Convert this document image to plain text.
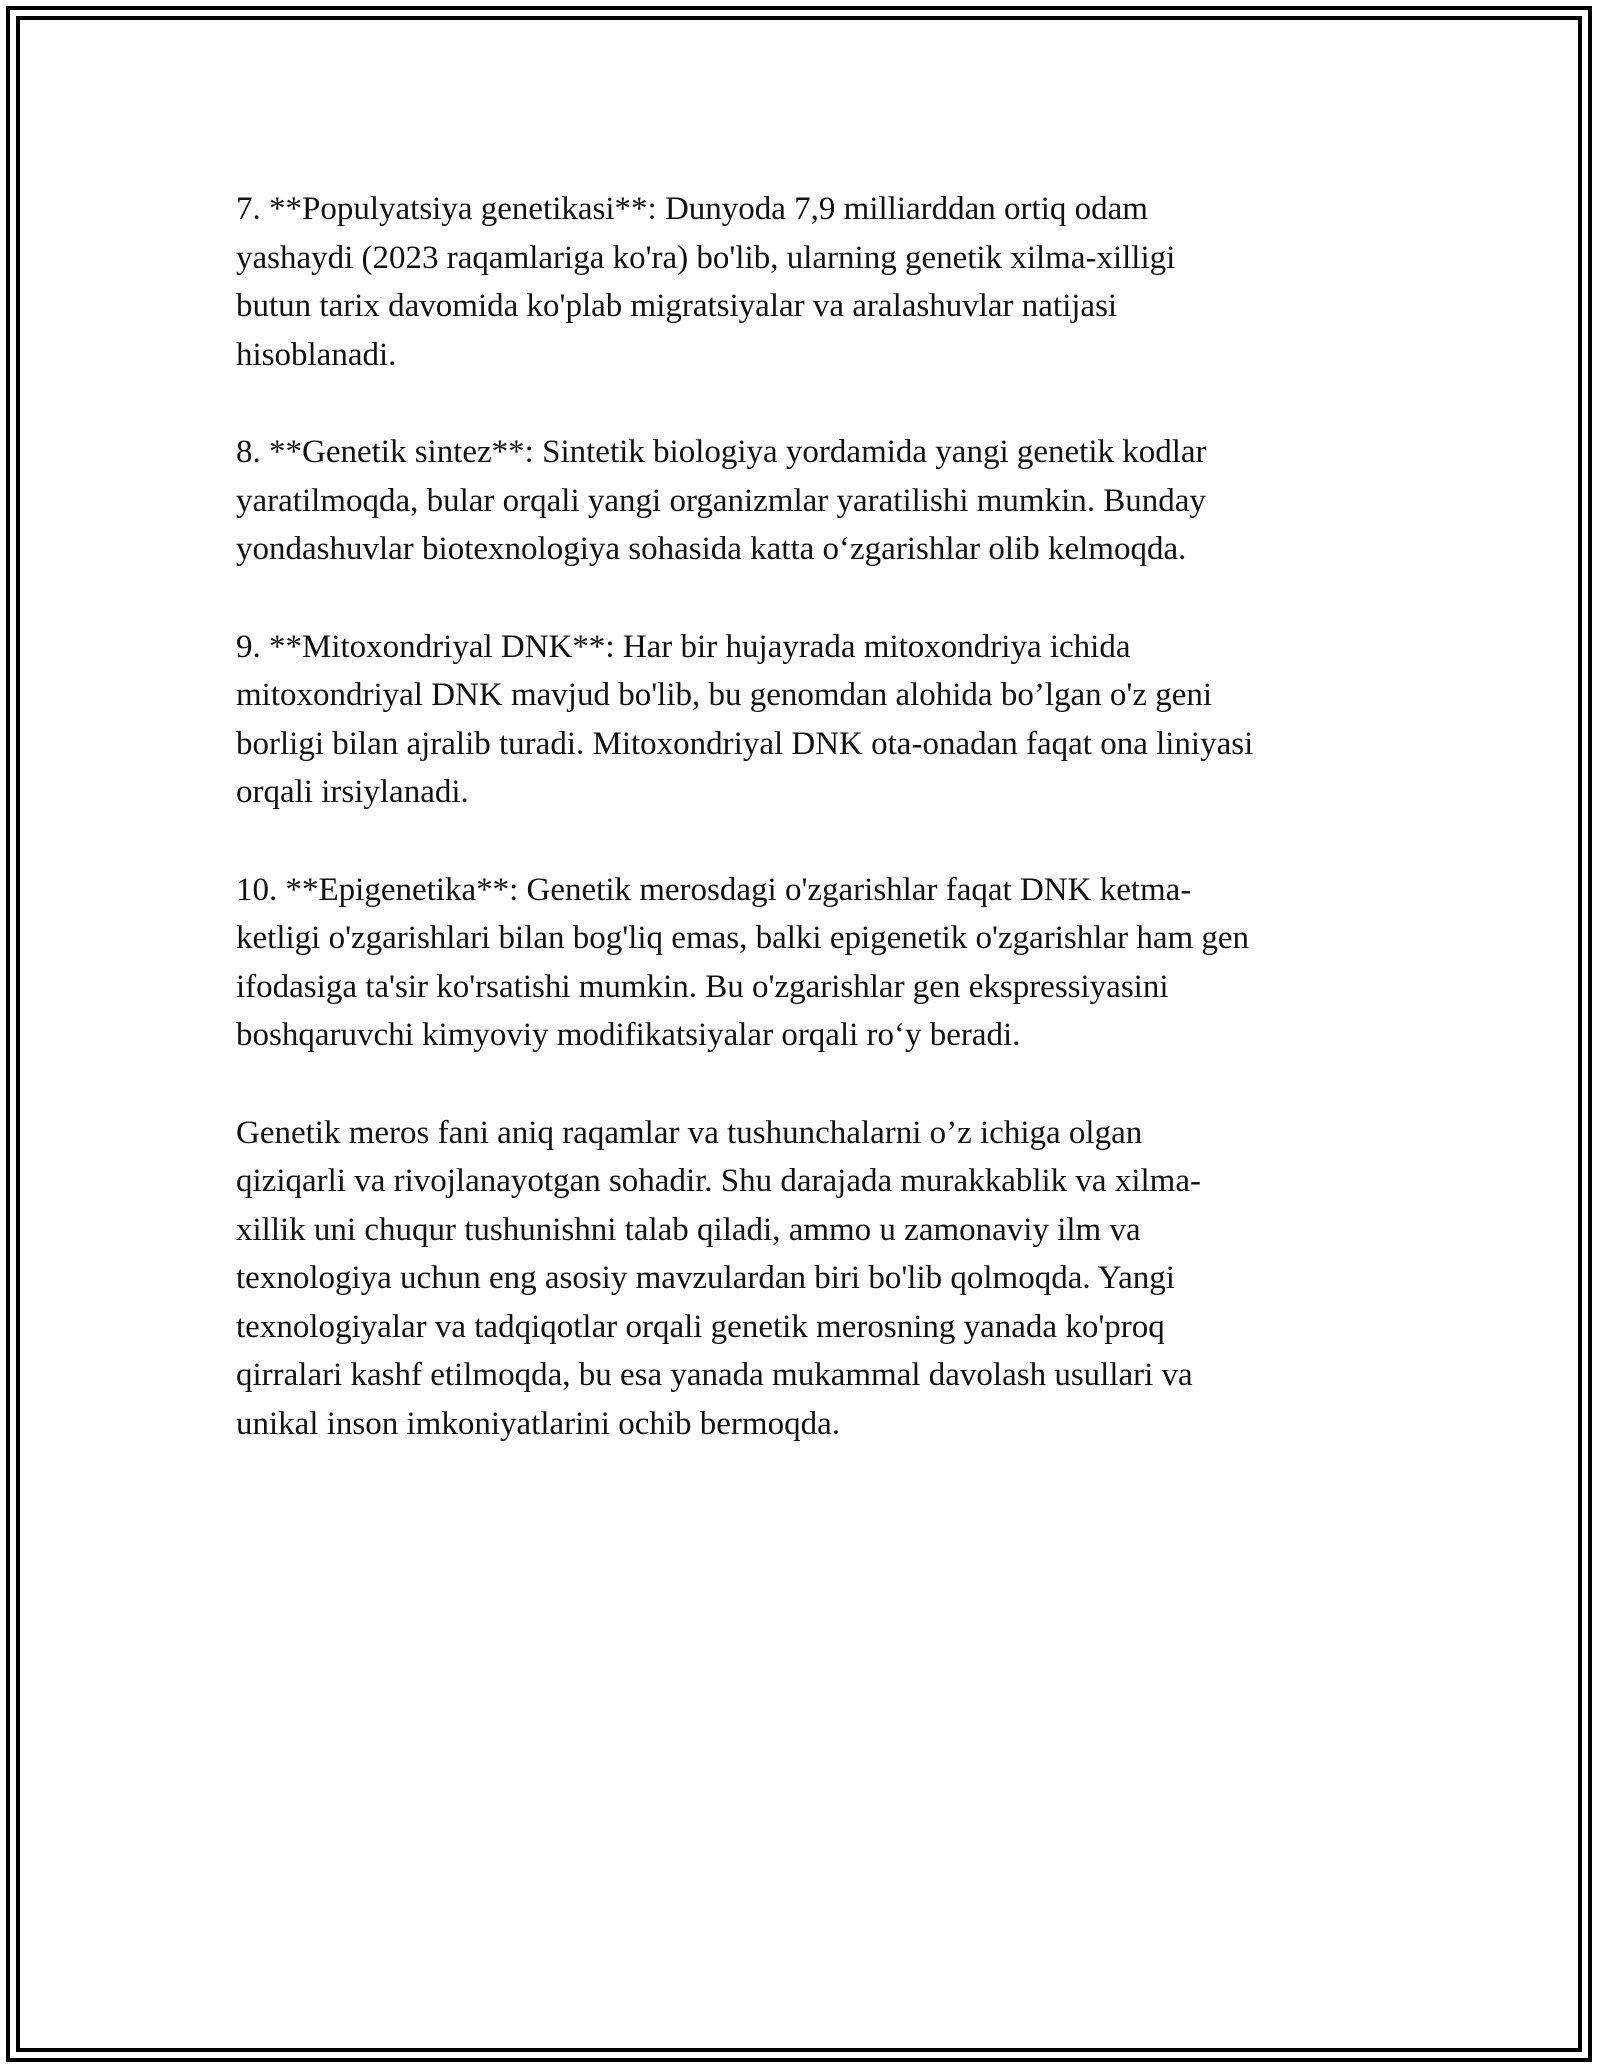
7. **Populyatsiya genetikasi**: Dunyoda 7,9 milliarddan ortiq odam
yashaydi (2023 raqamlariga ko'ra) bo'lib, ularning genetik xilma-xilligi
butun tarix davomida ko'plab migratsiyalar va aralashuvlar natijasi
hisoblanadi.

8. **Genetik sintez**: Sintetik biologiya yordamida yangi genetik kodlar
yaratilmoqda, bular orqali yangi organizmlar yaratilishi mumkin. Bunday
yondashuvlar biotexnologiya sohasida katta o‘zgarishlar olib kelmoqda.

9. **Mitoxondriyal DNK**: Har bir hujayrada mitoxondriya ichida
mitoxondriyal DNK mavjud bo'lib, bu genomdan alohida bo’lgan o'z geni
borligi bilan ajralib turadi. Mitoxondriyal DNK ota-onadan faqat ona liniyasi
orqali irsiylanadi.

10. **Epigenetika**: Genetik merosdagi o'zgarishlar faqat DNK ketma-
ketligi o'zgarishlari bilan bog'liq emas, balki epigenetik o'zgarishlar ham gen
ifodasiga ta'sir ko'rsatishi mumkin. Bu o'zgarishlar gen ekspressiyasini
boshqaruvchi kimyoviy modifikatsiyalar orqali ro‘y beradi.

Genetik meros fani aniq raqamlar va tushunchalarni o’z ichiga olgan
qiziqarli va rivojlanayotgan sohadir. Shu darajada murakkablik va xilma-
xillik uni chuqur tushunishni talab qiladi, ammo u zamonaviy ilm va
texnologiya uchun eng asosiy mavzulardan biri bo'lib qolmoqda. Yangi
texnologiyalar va tadqiqotlar orqali genetik merosning yanada ko'proq
qirralari kashf etilmoqda, bu esa yanada mukammal davolash usullari va
unikal inson imkoniyatlarini ochib bermoqda.
